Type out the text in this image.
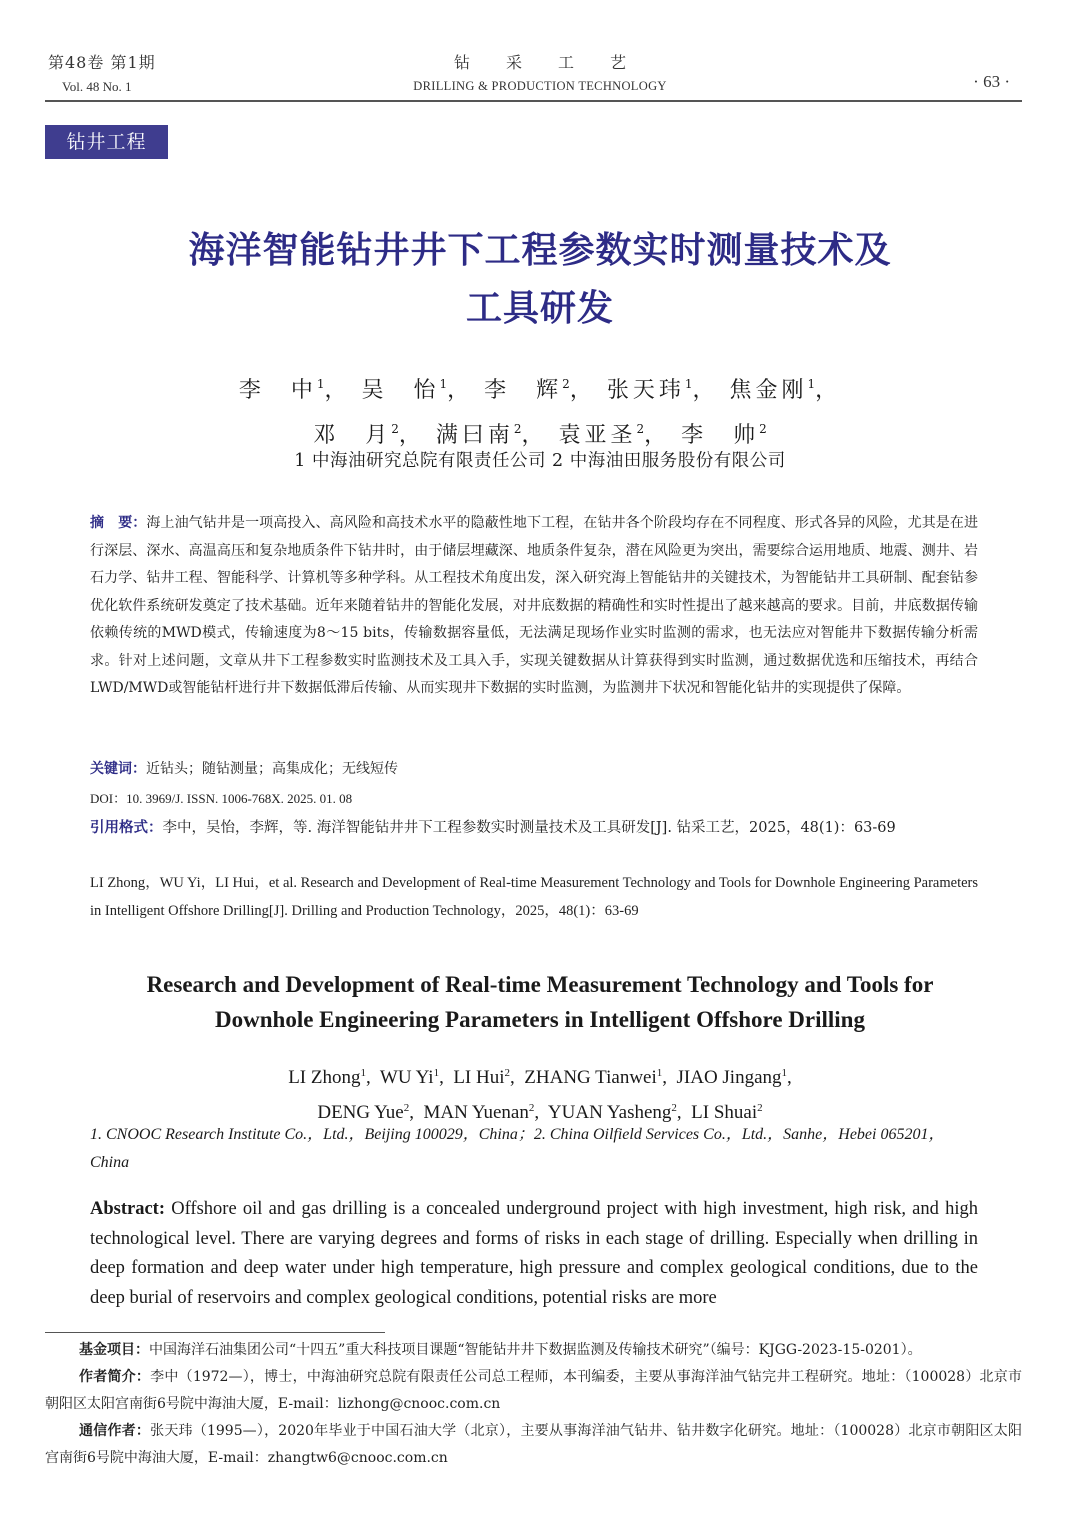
第48卷 第1期
Vol. 48 No. 1
钻采工艺
DRILLING & PRODUCTION TECHNOLOGY	· 63 ·
钻井工程
海洋智能钻井井下工程参数实时测量技术及
工具研发
李　中$^1$， 吴　怡$^1$， 李　辉$^2$， 张天玮$^1$， 焦金刚$^1$，
邓　月$^2$， 满曰南$^2$， 袁亚圣$^2$， 李　帅$^2$
1 中海油研究总院有限责任公司 2 中海油田服务股份有限公司
摘　要：海上油气钻井是一项高投入、高风险和高技术水平的隐蔽性地下工程，在钻井各个阶段均存在不同程度、形式各异的风险，尤其是在进行深层、深水、高温高压和复杂地质条件下钻井时，由于储层埋藏深、地质条件复杂，潜在风险更为突出，需要综合运用地质、地震、测井、岩石力学、钻井工程、智能科学、计算机等多种学科。从工程技术角度出发，深入研究海上智能钻井的关键技术，为智能钻井工具研制、配套钻参优化软件系统研发奠定了技术基础。近年来随着钻井的智能化发展，对井底数据的精确性和实时性提出了越来越高的要求。目前，井底数据传输依赖传统的MWD模式，传输速度为8～15 bits，传输数据容量低，无法满足现场作业实时监测的需求，也无法应对智能井下数据传输分析需求。针对上述问题，文章从井下工程参数实时监测技术及工具入手，实现关键数据从计算获得到实时监测，通过数据优选和压缩技术，再结合LWD/MWD或智能钻杆进行井下数据低滞后传输、从而实现井下数据的实时监测，为监测井下状况和智能化钻井的实现提供了保障。
关键词：近钻头；随钻测量；高集成化；无线短传
DOI：10. 3969/J. ISSN. 1006-768X. 2025. 01. 08
引用格式：李中，吴怡，李辉，等. 海洋智能钻井井下工程参数实时测量技术及工具研发[J]. 钻采工艺，2025，48(1)：63-69
LI Zhong，WU Yi，LI Hui，et al. Research and Development of Real-time Measurement Technology and Tools for Downhole Engineering Parameters in Intelligent Offshore Drilling[J]. Drilling and Production Technology，2025，48(1)：63-69
Research and Development of Real-time Measurement Technology and Tools for
Downhole Engineering Parameters in Intelligent Offshore Drilling
LI Zhong$^1$,  WU Yi$^1$,  LI Hui$^2$,  ZHANG Tianwei$^1$,  JIAO Jingang$^1$,
DENG Yue$^2$,  MAN Yuenan$^2$,  YUAN Yasheng$^2$,  LI Shuai$^2$
1. CNOOC Research Institute Co.，Ltd.，Beijing 100029，China；2. China Oilfield Services Co.，Ltd.，Sanhe，Hebei 065201，China
Abstract: Offshore oil and gas drilling is a concealed underground project with high investment, high risk, and high technological level. There are varying degrees and forms of risks in each stage of drilling. Especially when drilling in deep formation and deep water under high temperature, high pressure and complex geological conditions, due to the deep burial of reservoirs and complex geological conditions, potential risks are more

基金项目：中国海洋石油集团公司“十四五”重大科技项目课题“智能钻井井下数据监测及传输技术研究”（编号：KJGG-2023-15-0201）。

作者简介：李中（1972—），博士，中海油研究总院有限责任公司总工程师，本刊编委，主要从事海洋油气钻完井工程研究。地址：（100028）北京市朝阳区太阳宫南街6号院中海油大厦，E-mail：lizhong@cnooc.com.cn

通信作者：张天玮（1995—），2020年毕业于中国石油大学（北京），主要从事海洋油气钻井、钻井数字化研究。地址：（100028）北京市朝阳区太阳宫南街6号院中海油大厦，E-mail：zhangtw6@cnooc.com.cn
